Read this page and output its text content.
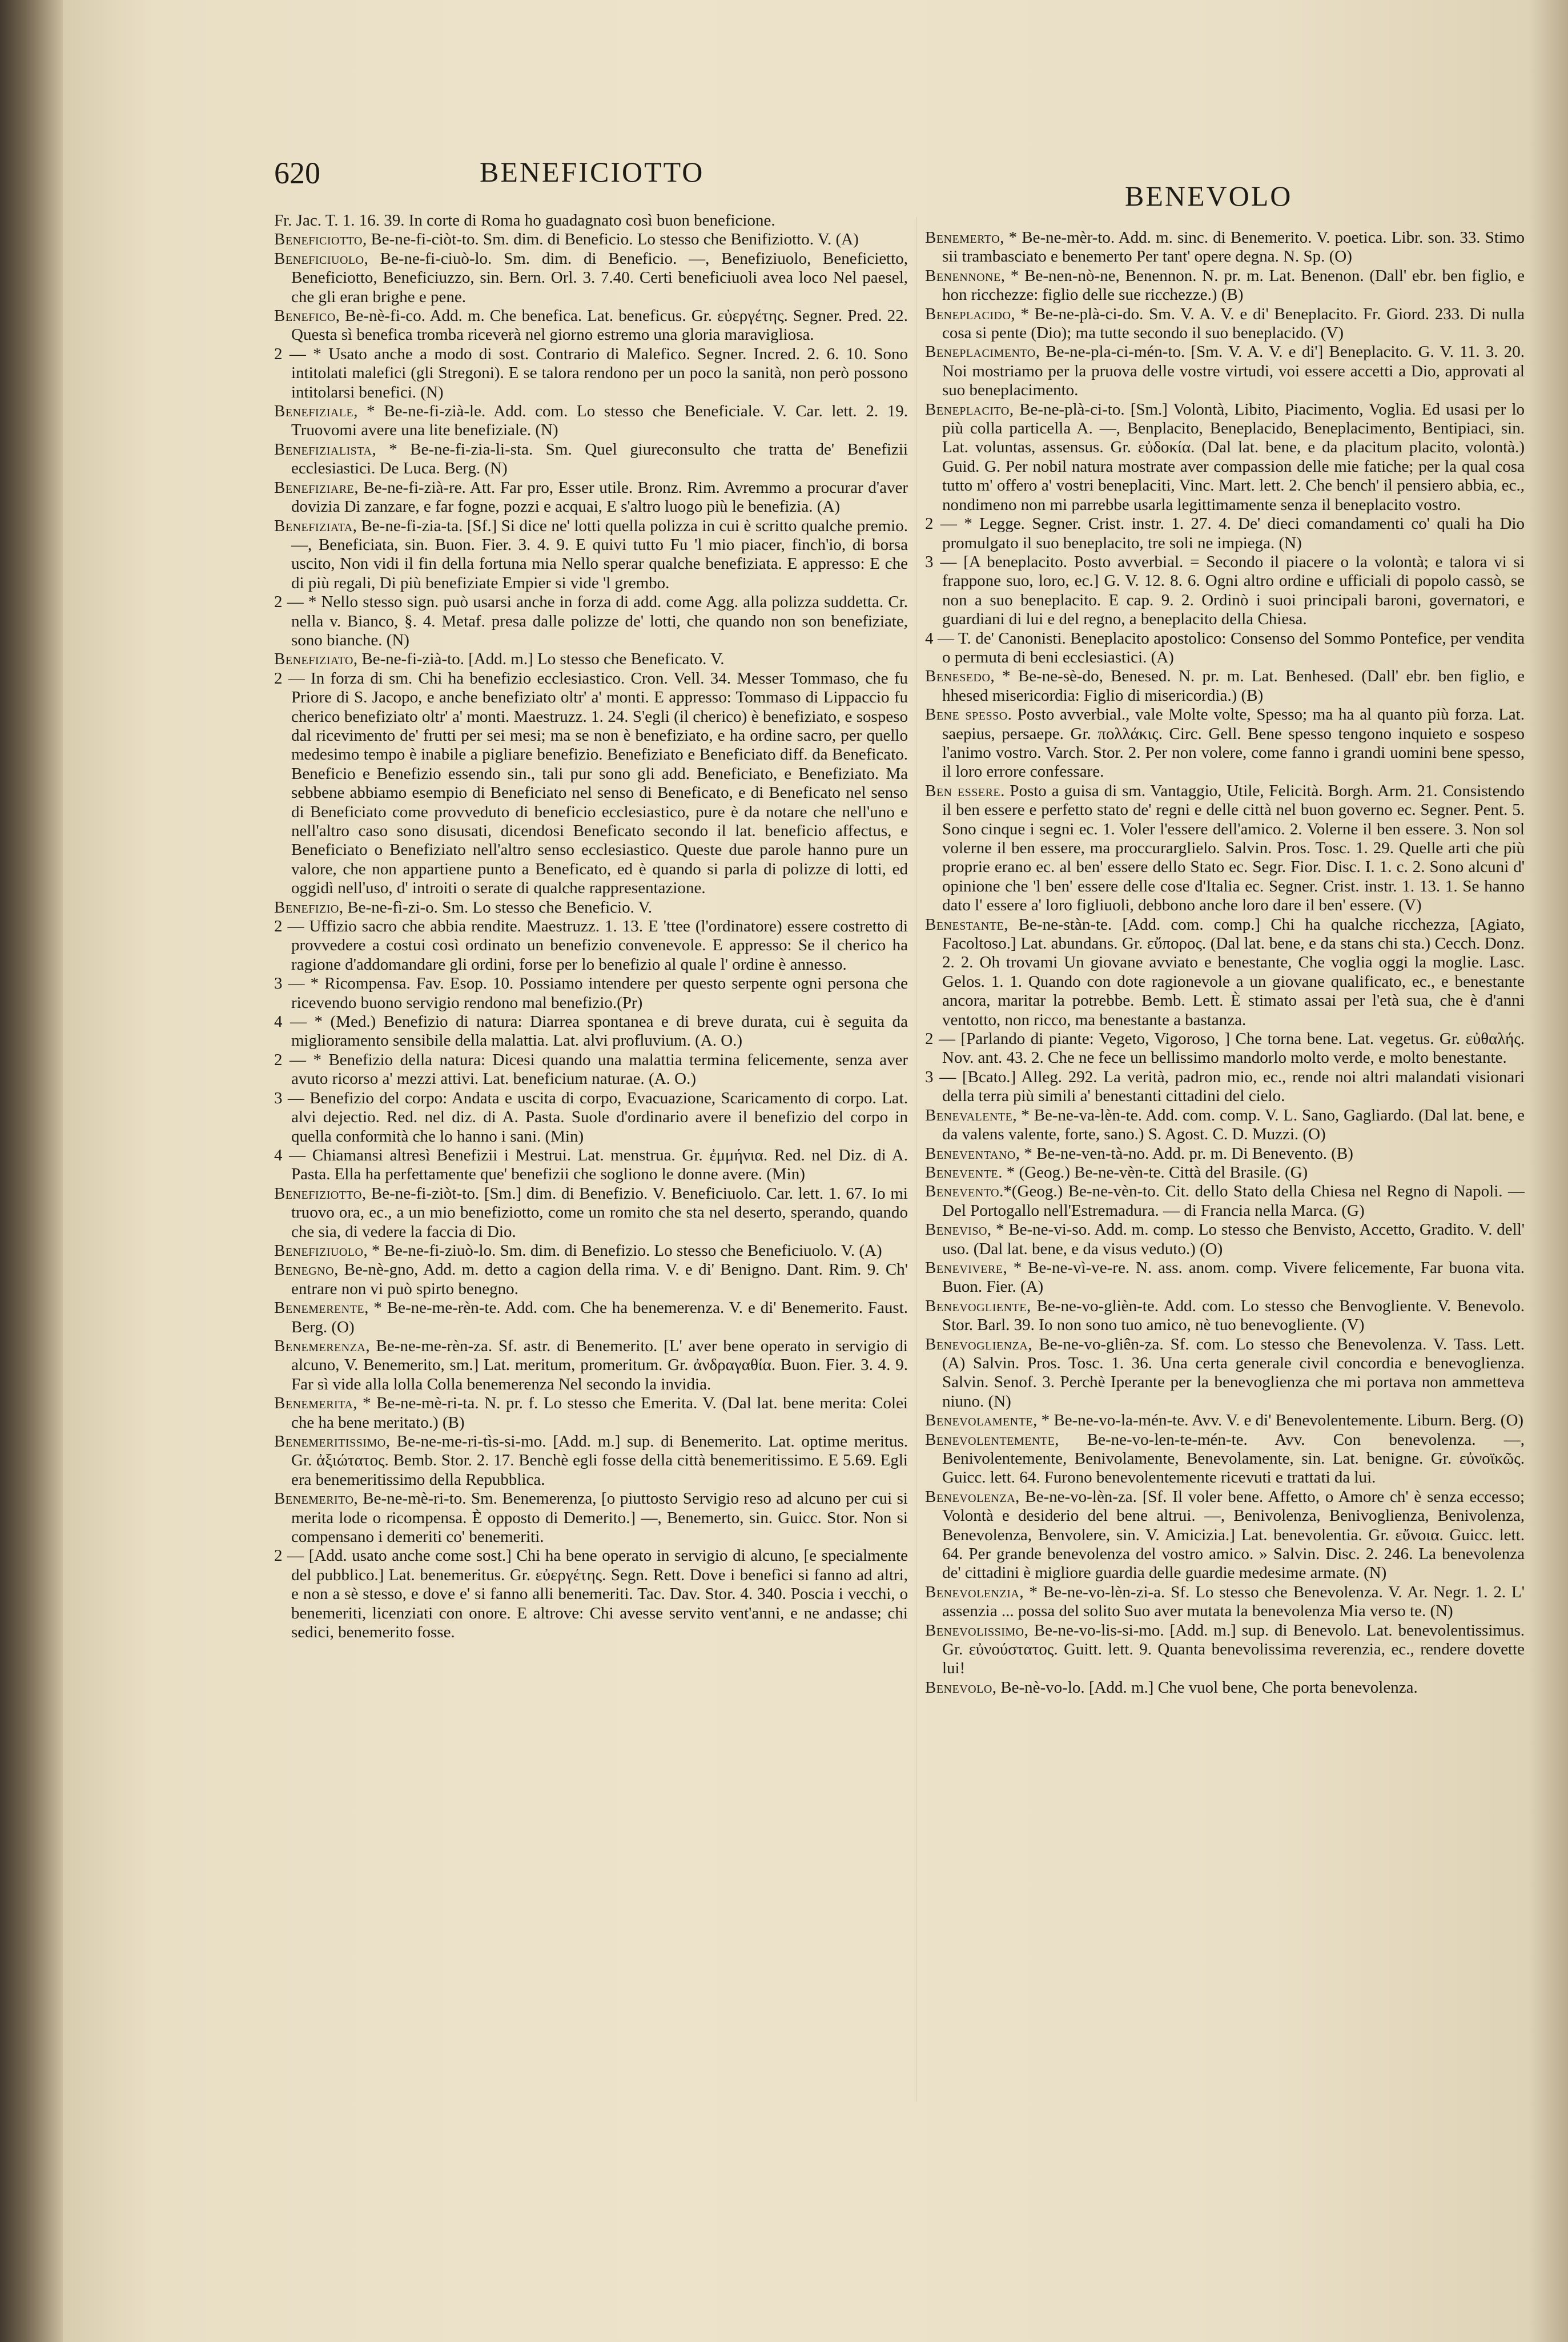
620	BENEFICIOTTO
BENEVOLO

Fr. Jac. T. 1. 16. 39. In corte di Roma ho guadagnato così buon beneficione.

Beneficiotto, Be-ne-fi-ciòt-to. Sm. dim. di Beneficio. Lo stesso che Benifiziotto. V. (A)

Beneficiuolo, Be-ne-fi-ciuò-lo. Sm. dim. di Beneficio. —, Benefiziuolo, Beneficietto, Beneficiotto, Beneficiuzzo, sin. Bern. Orl. 3. 7.40. Certi beneficiuoli avea loco Nel paesel, che gli eran brighe e pene.

Benefico, Be-nè-fi-co. Add. m. Che benefica. Lat. beneficus. Gr. εὐεργέτης. Segner. Pred. 22. Questa sì benefica tromba riceverà nel giorno estremo una gloria maravigliosa.

2 — * Usato anche a modo di sost. Contrario di Malefico. Segner. Incred. 2. 6. 10. Sono intitolati malefici (gli Stregoni). E se talora rendono per un poco la sanità, non però possono intitolarsi benefici. (N)

Benefiziale, * Be-ne-fi-zià-le. Add. com. Lo stesso che Beneficiale. V. Car. lett. 2. 19. Truovomi avere una lite benefiziale. (N)

Benefizialista, * Be-ne-fi-zia-li-sta. Sm. Quel giureconsulto che tratta de' Benefizii ecclesiastici. De Luca. Berg. (N)

Benefiziare, Be-ne-fi-zià-re. Att. Far pro, Esser utile. Bronz. Rim. Avremmo a procurar d'aver dovizia Di zanzare, e far fogne, pozzi e acquai, E s'altro luogo più le benefizia. (A)

Benefiziata, Be-ne-fi-zia-ta. [Sf.] Si dice ne' lotti quella polizza in cui è scritto qualche premio. —, Beneficiata, sin. Buon. Fier. 3. 4. 9. E quivi tutto Fu 'l mio piacer, finch'io, di borsa uscito, Non vidi il fin della fortuna mia Nello sperar qualche benefiziata. E appresso: E che di più regali, Di più benefiziate Empier si vide 'l grembo.

2 — * Nello stesso sign. può usarsi anche in forza di add. come Agg. alla polizza suddetta. Cr. nella v. Bianco, §. 4. Metaf. presa dalle polizze de' lotti, che quando non son benefiziate, sono bianche. (N)

Benefiziato, Be-ne-fi-zià-to. [Add. m.] Lo stesso che Beneficato. V.

2 — In forza di sm. Chi ha benefizio ecclesiastico. Cron. Vell. 34. Messer Tommaso, che fu Priore di S. Jacopo, e anche benefiziato oltr' a' monti. E appresso: Tommaso di Lippaccio fu cherico benefiziato oltr' a' monti. Maestruzz. 1. 24. S'egli (il cherico) è benefiziato, e sospeso dal ricevimento de' frutti per sei mesi; ma se non è benefiziato, e ha ordine sacro, per quello medesimo tempo è inabile a pigliare benefizio. Benefiziato e Beneficiato diff. da Beneficato. Beneficio e Benefizio essendo sin., tali pur sono gli add. Beneficiato, e Benefiziato. Ma sebbene abbiamo esempio di Beneficiato nel senso di Beneficato, e di Beneficato nel senso di Beneficiato come provveduto di beneficio ecclesiastico, pure è da notare che nell'uno e nell'altro caso sono disusati, dicendosi Beneficato secondo il lat. beneficio affectus, e Beneficiato o Benefiziato nell'altro senso ecclesiastico. Queste due parole hanno pure un valore, che non appartiene punto a Beneficato, ed è quando si parla di polizze di lotti, ed oggidì nell'uso, d' introiti o serate di qualche rappresentazione.

Benefizio, Be-ne-fì-zi-o. Sm. Lo stesso che Beneficio. V.

2 — Uffizio sacro che abbia rendite. Maestruzz. 1. 13. E 'ttee (l'ordinatore) essere costretto di provvedere a costui così ordinato un benefizio convenevole. E appresso: Se il cherico ha ragione d'addomandare gli ordini, forse per lo benefizio al quale l' ordine è annesso.

3 — * Ricompensa. Fav. Esop. 10. Possiamo intendere per questo serpente ogni persona che ricevendo buono servigio rendono mal benefizio.(Pr)

4 — * (Med.) Benefizio di natura: Diarrea spontanea e di breve durata, cui è seguita da miglioramento sensibile della malattia. Lat. alvi profluvium. (A. O.)

2 — * Benefizio della natura: Dicesi quando una malattia termina felicemente, senza aver avuto ricorso a' mezzi attivi. Lat. beneficium naturae. (A. O.)

3 — Benefizio del corpo: Andata e uscita di corpo, Evacuazione, Scaricamento di corpo. Lat. alvi dejectio. Red. nel diz. di A. Pasta. Suole d'ordinario avere il benefizio del corpo in quella conformità che lo hanno i sani. (Min)

4 — Chiamansi altresì Benefizii i Mestrui. Lat. menstrua. Gr. ἐμμήνια. Red. nel Diz. di A. Pasta. Ella ha perfettamente que' benefizii che sogliono le donne avere. (Min)

Benefiziotto, Be-ne-fi-ziòt-to. [Sm.] dim. di Benefizio. V. Beneficiuolo. Car. lett. 1. 67. Io mi truovo ora, ec., a un mio benefiziotto, come un romito che sta nel deserto, sperando, quando che sia, di vedere la faccia di Dio.

Benefiziuolo, * Be-ne-fi-ziuò-lo. Sm. dim. di Benefizio. Lo stesso che Beneficiuolo. V. (A)

Benegno, Be-nè-gno, Add. m. detto a cagion della rima. V. e di' Benigno. Dant. Rim. 9. Ch' entrare non vi può spirto benegno.

Benemerente, * Be-ne-me-rèn-te. Add. com. Che ha benemerenza. V. e di' Benemerito. Faust. Berg. (O)

Benemerenza, Be-ne-me-rèn-za. Sf. astr. di Benemerito. [L' aver bene operato in servigio di alcuno, V. Benemerito, sm.] Lat. meritum, promeritum. Gr. ἀνδραγαθία. Buon. Fier. 3. 4. 9. Far sì vide alla lolla Colla benemerenza Nel secondo la invidia.

Benemerita, * Be-ne-mè-ri-ta. N. pr. f. Lo stesso che Emerita. V. (Dal lat. bene merita: Colei che ha bene meritato.) (B)

Benemeritissimo, Be-ne-me-ri-tìs-si-mo. [Add. m.] sup. di Benemerito. Lat. optime meritus. Gr. ἀξιώτατος. Bemb. Stor. 2. 17. Benchè egli fosse della città benemeritissimo. E 5.69. Egli era benemeritissimo della Repubblica.

Benemerito, Be-ne-mè-ri-to. Sm. Benemerenza, [o piuttosto Servigio reso ad alcuno per cui si merita lode o ricompensa. È opposto di Demerito.] —, Benemerto, sin. Guicc. Stor. Non si compensano i demeriti co' benemeriti.

2 — [Add. usato anche come sost.] Chi ha bene operato in servigio di alcuno, [e specialmente del pubblico.] Lat. benemeritus. Gr. εὐεργέτης. Segn. Rett. Dove i benefìci si fanno ad altri, e non a sè stesso, e dove e' si fanno alli benemeriti. Tac. Dav. Stor. 4. 340. Poscia i vecchi, o benemeriti, licenziati con onore. E altrove: Chi avesse servito vent'anni, e ne andasse; chi sedici, benemerito fosse.

Benemerto, * Be-ne-mèr-to. Add. m. sinc. di Benemerito. V. poetica. Libr. son. 33. Stimo sii trambasciato e benemerto Per tant' opere degna. N. Sp. (O)

Benennone, * Be-nen-nò-ne, Benennon. N. pr. m. Lat. Benenon. (Dall' ebr. ben figlio, e hon ricchezze: figlio delle sue ricchezze.) (B)

Beneplacido, * Be-ne-plà-ci-do. Sm. V. A. V. e di' Beneplacito. Fr. Giord. 233. Di nulla cosa si pente (Dio); ma tutte secondo il suo beneplacido. (V)

Beneplacimento, Be-ne-pla-ci-mén-to. [Sm. V. A. V. e di'] Beneplacito. G. V. 11. 3. 20. Noi mostriamo per la pruova delle vostre virtudi, voi essere accetti a Dio, approvati al suo beneplacimento.

Beneplacito, Be-ne-plà-ci-to. [Sm.] Volontà, Libito, Piacimento, Voglia. Ed usasi per lo più colla particella A. —, Benplacito, Beneplacido, Beneplacimento, Bentipiaci, sin. Lat. voluntas, assensus. Gr. εὐδοκία. (Dal lat. bene, e da placitum placito, volontà.) Guid. G. Per nobil natura mostrate aver compassion delle mie fatiche; per la qual cosa tutto m' offero a' vostri beneplaciti, Vinc. Mart. lett. 2. Che bench' il pensiero abbia, ec., nondimeno non mi parrebbe usarla legittimamente senza il beneplacito vostro.

2 — * Legge. Segner. Crist. instr. 1. 27. 4. De' dieci comandamenti co' quali ha Dio promulgato il suo beneplacito, tre soli ne impiega. (N)

3 — [A beneplacito. Posto avverbial. = Secondo il piacere o la volontà; e talora vi si frappone suo, loro, ec.] G. V. 12. 8. 6. Ogni altro ordine e ufficiali di popolo cassò, se non a suo beneplacito. E cap. 9. 2. Ordinò i suoi principali baroni, governatori, e guardiani di lui e del regno, a beneplacito della Chiesa.

4 — T. de' Canonisti. Beneplacito apostolico: Consenso del Sommo Pontefice, per vendita o permuta di beni ecclesiastici. (A)

Benesedo, * Be-ne-sè-do, Benesed. N. pr. m. Lat. Benhesed. (Dall' ebr. ben figlio, e hhesed misericordia: Figlio di misericordia.) (B)

Bene spesso. Posto avverbial., vale Molte volte, Spesso; ma ha al quanto più forza. Lat. saepius, persaepe. Gr. πολλάκις. Circ. Gell. Bene spesso tengono inquieto e sospeso l'animo vostro. Varch. Stor. 2. Per non volere, come fanno i grandi uomini bene spesso, il loro errore confessare.

Ben essere. Posto a guisa di sm. Vantaggio, Utile, Felicità. Borgh. Arm. 21. Consistendo il ben essere e perfetto stato de' regni e delle città nel buon governo ec. Segner. Pent. 5. Sono cinque i segni ec. 1. Voler l'essere dell'amico. 2. Volerne il ben essere. 3. Non sol volerne il ben essere, ma proccurarglielo. Salvin. Pros. Tosc. 1. 29. Quelle arti che più proprie erano ec. al ben' essere dello Stato ec. Segr. Fior. Disc. I. 1. c. 2. Sono alcuni d' opinione che 'l ben' essere delle cose d'Italia ec. Segner. Crist. instr. 1. 13. 1. Se hanno dato l' essere a' loro figliuoli, debbono anche loro dare il ben' essere. (V)

Benestante, Be-ne-stàn-te. [Add. com. comp.] Chi ha qualche ricchezza, [Agiato, Facoltoso.] Lat. abundans. Gr. εὔπορος. (Dal lat. bene, e da stans chi sta.) Cecch. Donz. 2. 2. Oh trovami Un giovane avviato e benestante, Che voglia oggi la moglie. Lasc. Gelos. 1. 1. Quando con dote ragionevole a un giovane qualificato, ec., e benestante ancora, maritar la potrebbe. Bemb. Lett. È stimato assai per l'età sua, che è d'anni ventotto, non ricco, ma benestante a bastanza.

2 — [Parlando di piante: Vegeto, Vigoroso, ] Che torna bene. Lat. vegetus. Gr. εὐθαλής. Nov. ant. 43. 2. Che ne fece un bellissimo mandorlo molto verde, e molto benestante.

3 — [Bcato.] Alleg. 292. La verità, padron mio, ec., rende noi altri malandati visionari della terra più simili a' benestanti cittadini del cielo.

Benevalente, * Be-ne-va-lèn-te. Add. com. comp. V. L. Sano, Gagliardo. (Dal lat. bene, e da valens valente, forte, sano.) S. Agost. C. D. Muzzi. (O)

Beneventano, * Be-ne-ven-tà-no. Add. pr. m. Di Benevento. (B)

Benevente. * (Geog.) Be-ne-vèn-te. Città del Brasile. (G)

Benevento.*(Geog.) Be-ne-vèn-to. Cit. dello Stato della Chiesa nel Regno di Napoli. — Del Portogallo nell'Estremadura. — di Francia nella Marca. (G)

Beneviso, * Be-ne-vi-so. Add. m. comp. Lo stesso che Benvisto, Accetto, Gradito. V. dell' uso. (Dal lat. bene, e da visus veduto.) (O)

Benevivere, * Be-ne-vì-ve-re. N. ass. anom. comp. Vivere felicemente, Far buona vita. Buon. Fier. (A)

Benevogliente, Be-ne-vo-glièn-te. Add. com. Lo stesso che Benvogliente. V. Benevolo. Stor. Barl. 39. Io non sono tuo amico, nè tuo benevogliente. (V)

Benevoglienza, Be-ne-vo-gliên-za. Sf. com. Lo stesso che Benevolenza. V. Tass. Lett. (A) Salvin. Pros. Tosc. 1. 36. Una certa generale civil concordia e benevoglienza. Salvin. Senof. 3. Perchè Iperante per la benevoglienza che mi portava non ammetteva niuno. (N)

Benevolamente, * Be-ne-vo-la-mén-te. Avv. V. e di' Benevolentemente. Liburn. Berg. (O)

Benevolentemente, Be-ne-vo-len-te-mén-te. Avv. Con benevolenza. —, Benivolentemente, Benivolamente, Benevolamente, sin. Lat. benigne. Gr. εὐνοϊκῶς. Guicc. lett. 64. Furono benevolentemente ricevuti e trattati da lui.

Benevolenza, Be-ne-vo-lèn-za. [Sf. Il voler bene. Affetto, o Amore ch' è senza eccesso; Volontà e desiderio del bene altrui. —, Benivolenza, Benivoglienza, Benivolenza, Benevolenza, Benvolere, sin. V. Amicizia.] Lat. benevolentia. Gr. εὔνοια. Guicc. lett. 64. Per grande benevolenza del vostro amico. » Salvin. Disc. 2. 246. La benevolenza de' cittadini è migliore guardia delle guardie medesime armate. (N)

Benevolenzia, * Be-ne-vo-lèn-zi-a. Sf. Lo stesso che Benevolenza. V. Ar. Negr. 1. 2. L' assenzia ... possa del solito Suo aver mutata la benevolenza Mia verso te. (N)

Benevolissimo, Be-ne-vo-lis-si-mo. [Add. m.] sup. di Benevolo. Lat. benevolentissimus. Gr. εὐνούστατος. Guitt. lett. 9. Quanta benevolissima reverenzia, ec., rendere dovette lui!

Benevolo, Be-nè-vo-lo. [Add. m.] Che vuol bene, Che porta benevolenza.
